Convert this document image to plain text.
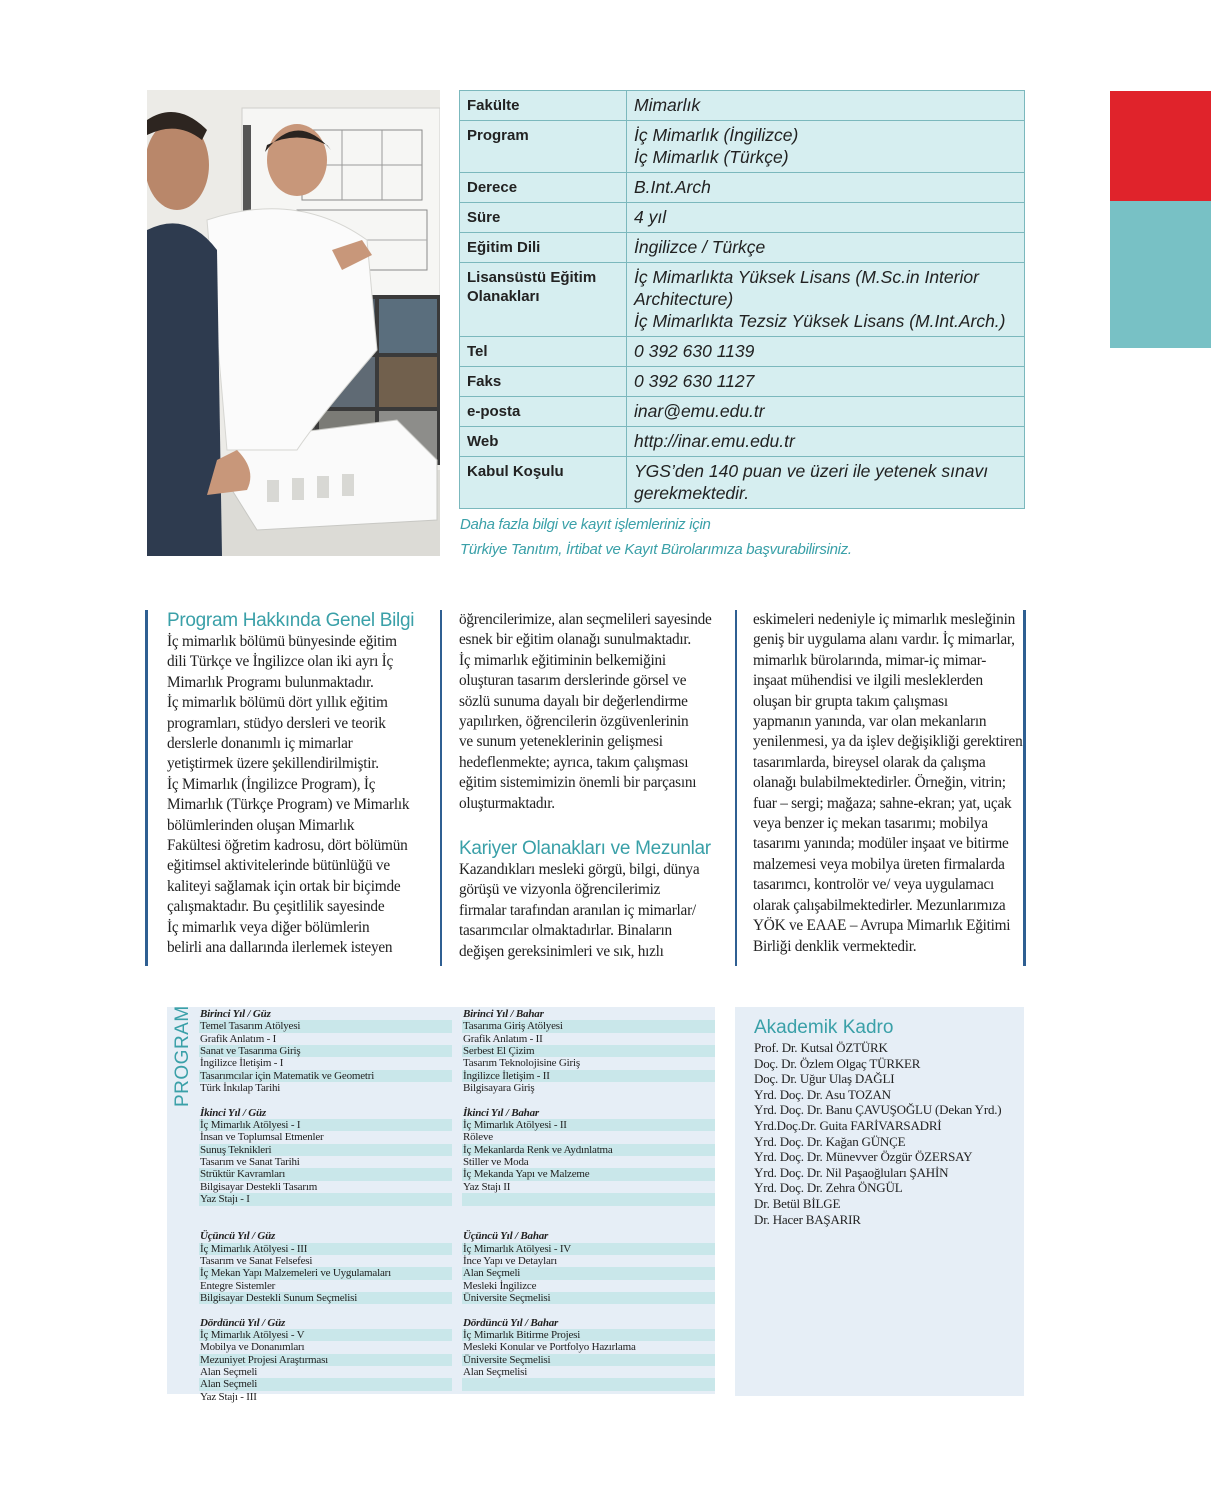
Fakülte	Mimarlık

Program	İç Mimarlık (İngilizce)
İç Mimarlık (Türkçe)

Derece	B.Int.Arch

Süre	4 yıl

Eğitim Dili	İngilizce / Türkçe

Lisansüstü Eğitim
Olanakları	İç Mimarlıkta Yüksek Lisans (M.Sc.in Interior
Architecture)
İç Mimarlıkta Tezsiz Yüksek Lisans (M.Int.Arch.)

Tel	0 392 630 1139

Faks	0 392 630 1127

e-posta	inar@emu.edu.tr

Web	http://inar.emu.edu.tr

Kabul Koşulu	YGS’den 140 puan ve üzeri ile yetenek sınavı
gerekmektedir.
Daha fazla bilgi ve kayıt işlemleriniz için
Türkiye Tanıtım, İrtibat ve Kayıt Bürolarımıza başvurabilirsiniz.
Program Hakkında Genel Bilgi

İç mimarlık bölümü bünyesinde eğitim
dili Türkçe ve İngilizce olan iki ayrı İç
Mimarlık Programı bulunmaktadır.
İç mimarlık bölümü dört yıllık eğitim
programları, stüdyo dersleri ve teorik
derslerle donanımlı iç mimarlar
yetiştirmek üzere şekillendirilmiştir.
İç Mimarlık (İngilizce Program), İç
Mimarlık (Türkçe Program) ve Mimarlık
bölümlerinden oluşan Mimarlık
Fakültesi öğretim kadrosu, dört bölümün
eğitimsel aktivitelerinde bütünlüğü ve
kaliteyi sağlamak için ortak bir biçimde
çalışmaktadır. Bu çeşitlilik sayesinde
İç mimarlık veya diğer bölümlerin
belirli ana dallarında ilerlemek isteyen

öğrencilerimize, alan seçmelileri sayesinde
esnek bir eğitim olanağı sunulmaktadır.
İç mimarlık eğitiminin belkemiğini
oluşturan tasarım derslerinde görsel ve
sözlü sunuma dayalı bir değerlendirme
yapılırken, öğrencilerin özgüvenlerinin
ve sunum yeteneklerinin gelişmesi
hedeflenmekte; ayrıca, takım çalışması
eğitim sistemimizin önemli bir parçasını
oluşturmaktadır.

Kariyer Olanakları ve Mezunlar

Kazandıkları mesleki görgü, bilgi, dünya
görüşü ve vizyonla öğrencilerimiz
firmalar tarafından aranılan iç mimarlar/
tasarımcılar olmaktadırlar. Binaların
değişen gereksinimleri ve sık, hızlı

eskimeleri nedeniyle iç mimarlık mesleğinin
geniş bir uygulama alanı vardır. İç mimarlar,
mimarlık bürolarında, mimar-iç mimar-
inşaat mühendisi ve ilgili mesleklerden
oluşan bir grupta takım çalışması
yapmanın yanında, var olan mekanların
yenilenmesi, ya da işlev değişikliği gerektiren
tasarımlarda, bireysel olarak da çalışma
olanağı bulabilmektedirler. Örneğin, vitrin;
fuar – sergi; mağaza; sahne-ekran; yat, uçak
veya benzer iç mekan tasarımı; mobilya
tasarımı yanında; modüler inşaat ve bitirme
malzemesi veya mobilya üreten firmalarda
tasarımcı, kontrolör ve/ veya uygulamacı
olarak çalışabilmektedirler. Mezunlarımıza
YÖK ve EAAE – Avrupa Mimarlık Eğitimi
Birliği denklik vermektedir.

PROGRAM Birinci Yıl / Güz
Temel Tasarım Atölyesi
Grafik Anlatım - I
Sanat ve Tasarıma Giriş
İngilizce İletişim - I
Tasarımcılar için Matematik ve Geometri
Türk İnkılap Tarihi
İkinci Yıl / Güz
İç Mimarlık Atölyesi - I
İnsan ve Toplumsal Etmenler
Sunuş Teknikleri
Tasarım ve Sanat Tarihi
Strüktür Kavramları
Bilgisayar Destekli Tasarım
Yaz Stajı - I
Üçüncü Yıl / Güz
İç Mimarlık Atölyesi - III
Tasarım ve Sanat Felsefesi
İç Mekan Yapı Malzemeleri ve Uygulamaları
Entegre Sistemler
Bilgisayar Destekli Sunum Seçmelisi
Dördüncü Yıl / Güz
İç Mimarlık Atölyesi - V
Mobilya ve Donanımları
Mezuniyet Projesi Araştırması
Alan Seçmeli
Alan Seçmeli
Yaz Stajı - III
Birinci Yıl / Bahar
Tasarıma Giriş Atölyesi
Grafik Anlatım - II
Serbest El Çizim
Tasarım Teknolojisine Giriş
İngilizce İletişim - II
Bilgisayara Giriş
İkinci Yıl / Bahar
İç Mimarlık Atölyesi - II
Röleve
İç Mekanlarda Renk ve Aydınlatma
Stiller ve Moda
İç Mekanda Yapı ve Malzeme
Yaz Stajı II
Üçüncü Yıl / Bahar
İç Mimarlık Atölyesi - IV
İnce Yapı ve Detayları
Alan Seçmeli
Mesleki İngilizce
Üniversite Seçmelisi
Dördüncü Yıl / Bahar
İç Mimarlık Bitirme Projesi
Mesleki Konular ve Portfolyo Hazırlama
Üniversite Seçmelisi
Alan Seçmelisi
Akademik Kadro
Prof. Dr. Kutsal ÖZTÜRK
Doç. Dr. Özlem Olgaç TÜRKER
Doç. Dr. Uğur Ulaş DAĞLI
Yrd. Doç. Dr. Asu TOZAN
Yrd. Doç. Dr. Banu ÇAVUŞOĞLU (Dekan Yrd.)
Yrd.Doç.Dr. Guita FARİVARSADRİ
Yrd. Doç. Dr. Kağan GÜNÇE
Yrd. Doç. Dr. Münevver Özgür ÖZERSAY
Yrd. Doç. Dr. Nil Paşaoğluları ŞAHİN
Yrd. Doç. Dr. Zehra ÖNGÜL
Dr. Betül BİLGE
Dr. Hacer BAŞARIR
